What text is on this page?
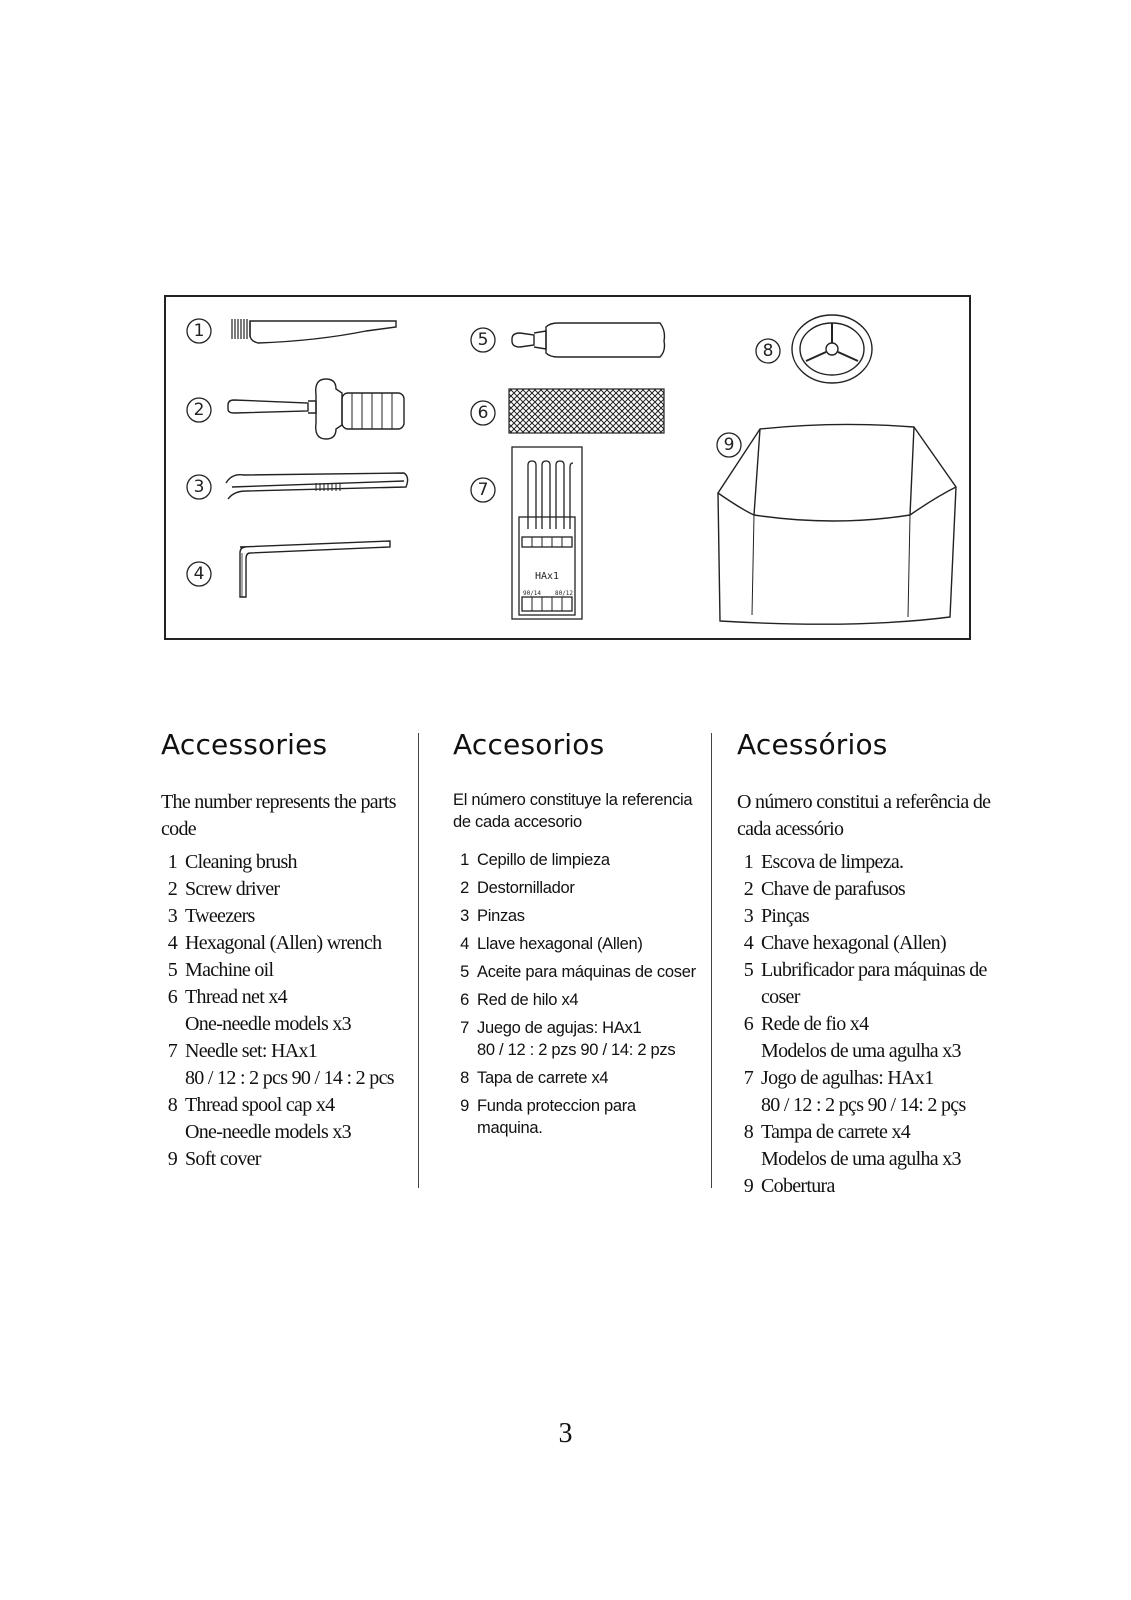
1
2
3
4
5
6
7
8
9
HAx1
90/14 80/12
Accessories
The number represents the parts code
1 Cleaning brush
2 Screw driver
3 Tweezers
4 Hexagonal (Allen) wrench
5 Machine oil
6 Thread net x4
One-needle models x3
7 Needle set: HAx1
80 / 12 : 2 pcs 90 / 14 : 2 pcs
8 Thread spool cap x4
One-needle models x3
9 Soft cover
Accesorios
El número constituye la referencia de cada accesorio
1 Cepillo de limpieza
2 Destornillador
3 Pinzas
4 Llave hexagonal (Allen)
5 Aceite para máquinas de coser
6 Red de hilo x4
7 Juego de agujas: HAx1
80 / 12 : 2 pzs 90 / 14: 2 pzs
8 Tapa de carrete x4
9 Funda proteccion para maquina.
Acessórios
O número constitui a referência de cada acessório
1 Escova de limpeza.
2 Chave de parafusos
3 Pinças
4 Chave hexagonal (Allen)
5 Lubrificador para máquinas de coser
6 Rede de fio x4
Modelos de uma agulha x3
7 Jogo de agulhas: HAx1
80 / 12 : 2 pçs 90 / 14: 2 pçs
8 Tampa de carrete x4
Modelos de uma agulha x3
9 Cobertura
3
